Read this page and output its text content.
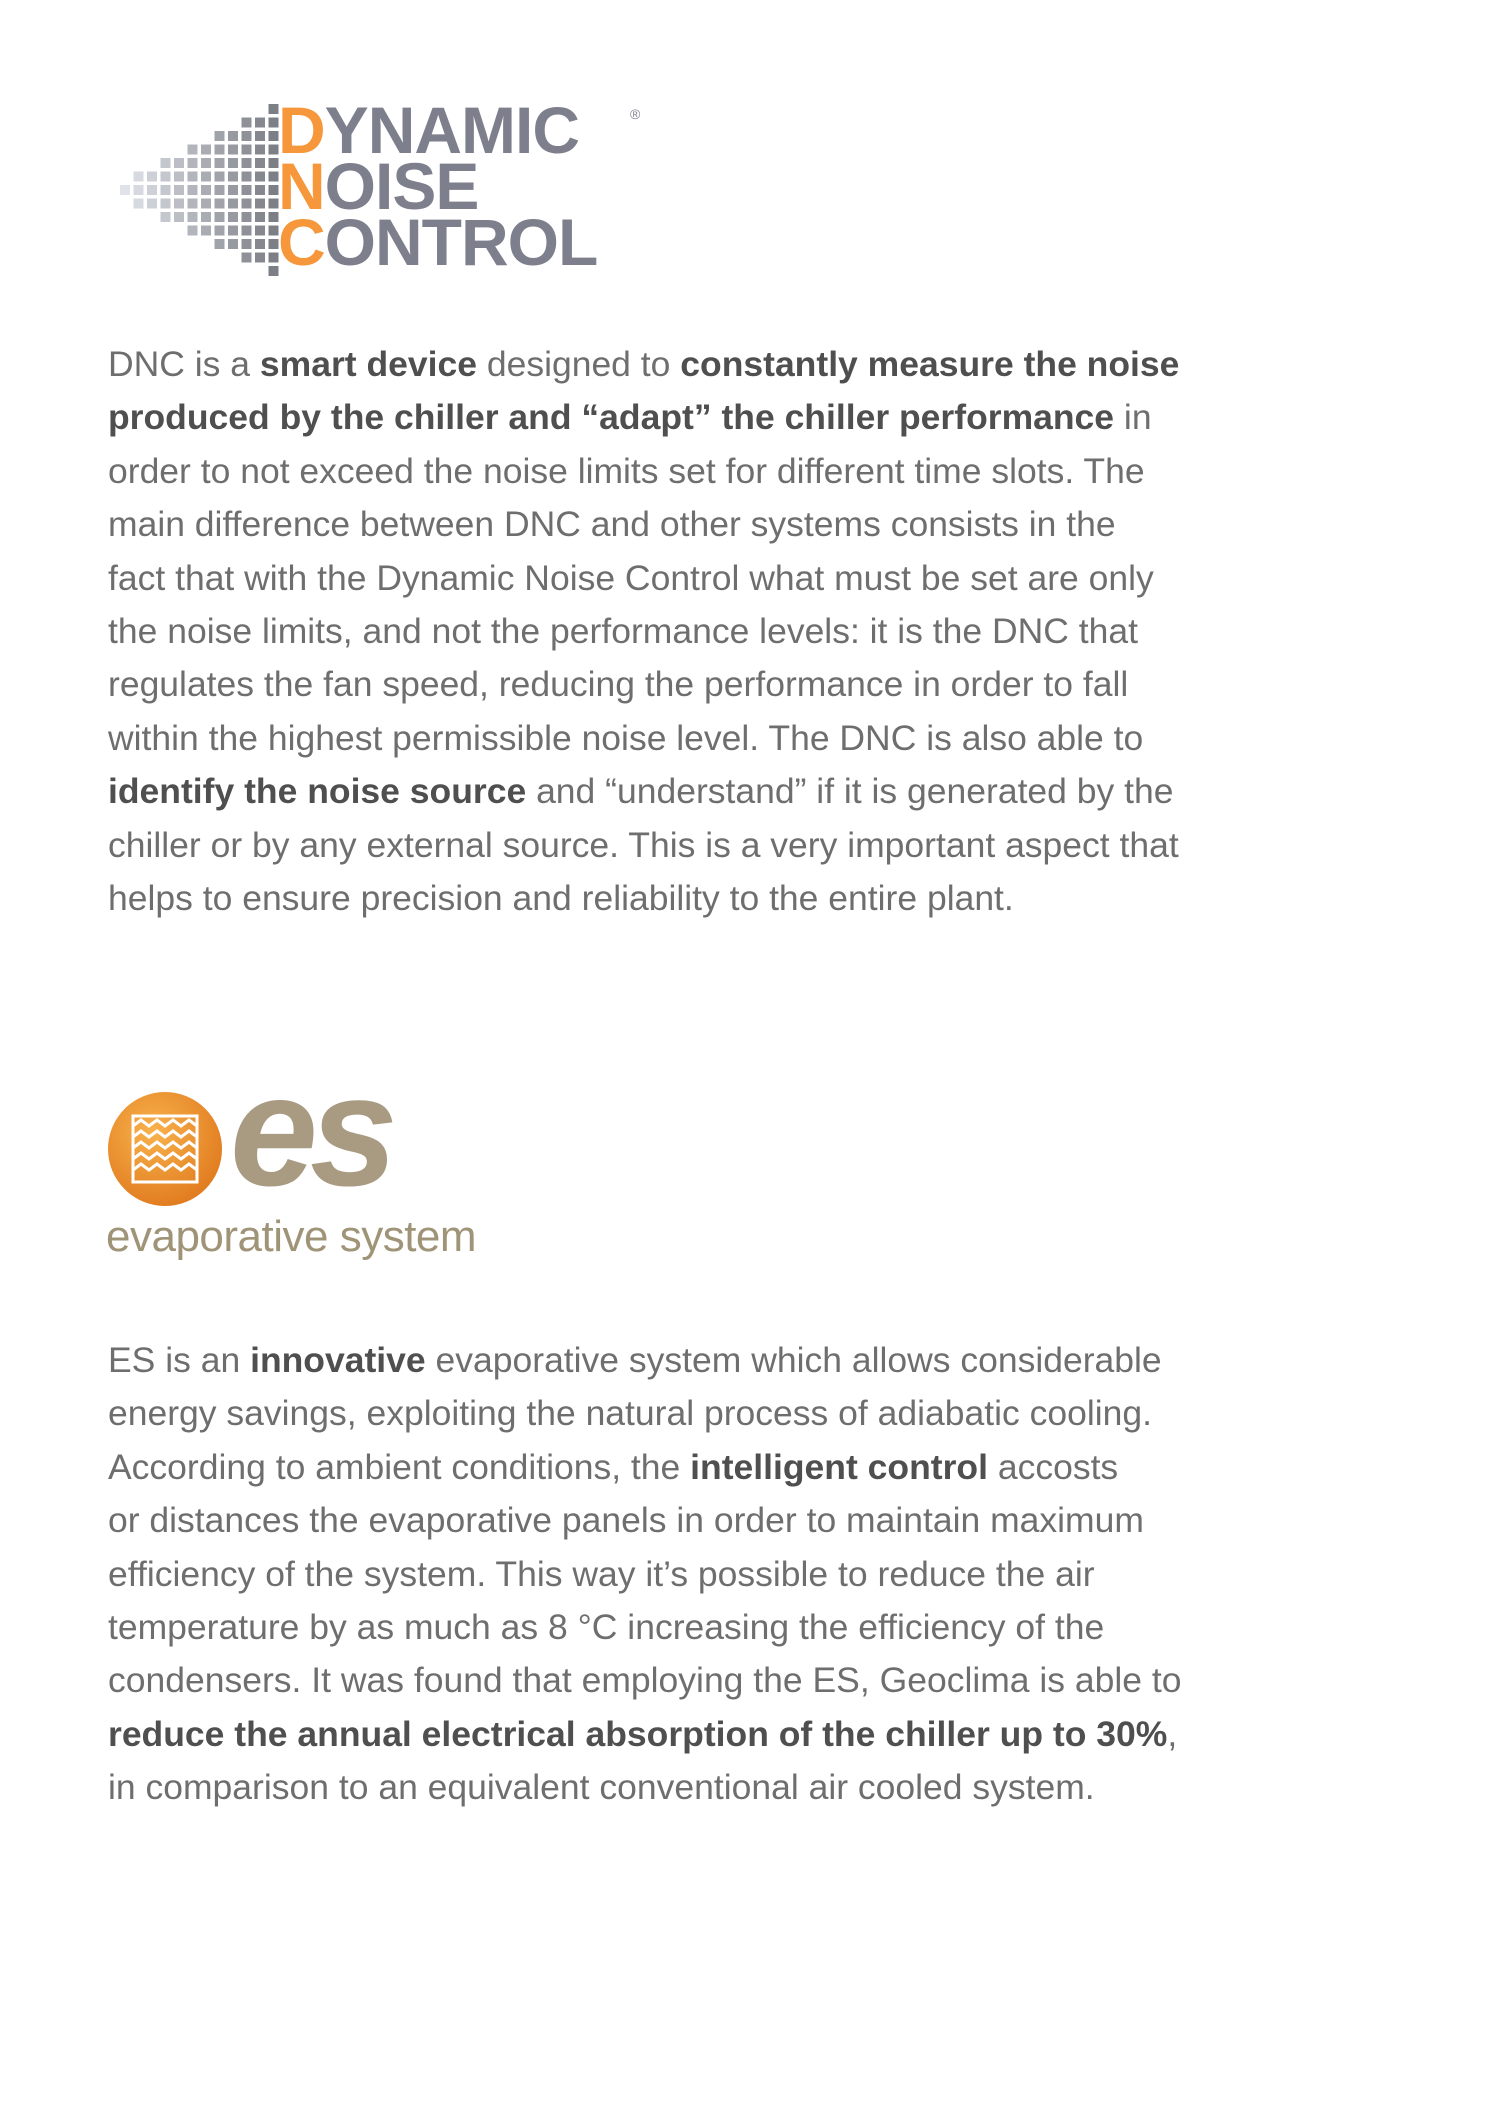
DYNAMIC
NOISE
CONTROL
®

DNC is a smart device designed to constantly measure the noise
produced by the chiller and “adapt” the chiller performance in
order to not exceed the noise limits set for different time slots. The
main difference between DNC and other systems consists in the
fact that with the Dynamic Noise Control what must be set are only
the noise limits, and not the performance levels: it is the DNC that
regulates the fan speed, reducing the performance in order to fall
within the highest permissible noise level. The DNC is also able to
identify the noise source and “understand” if it is generated by the
chiller or by any external source. This is a very important aspect that
helps to ensure precision and reliability to the entire plant.

es
evaporative system

ES is an innovative evaporative system which allows considerable
energy savings, exploiting the natural process of adiabatic cooling.
According to ambient conditions, the intelligent control accosts
or distances the evaporative panels in order to maintain maximum
efficiency of the system. This way it’s possible to reduce the air
temperature by as much as 8 °C increasing the efficiency of the
condensers. It was found that employing the ES, Geoclima is able to
reduce the annual electrical absorption of the chiller up to 30%,
in comparison to an equivalent conventional air cooled system.
